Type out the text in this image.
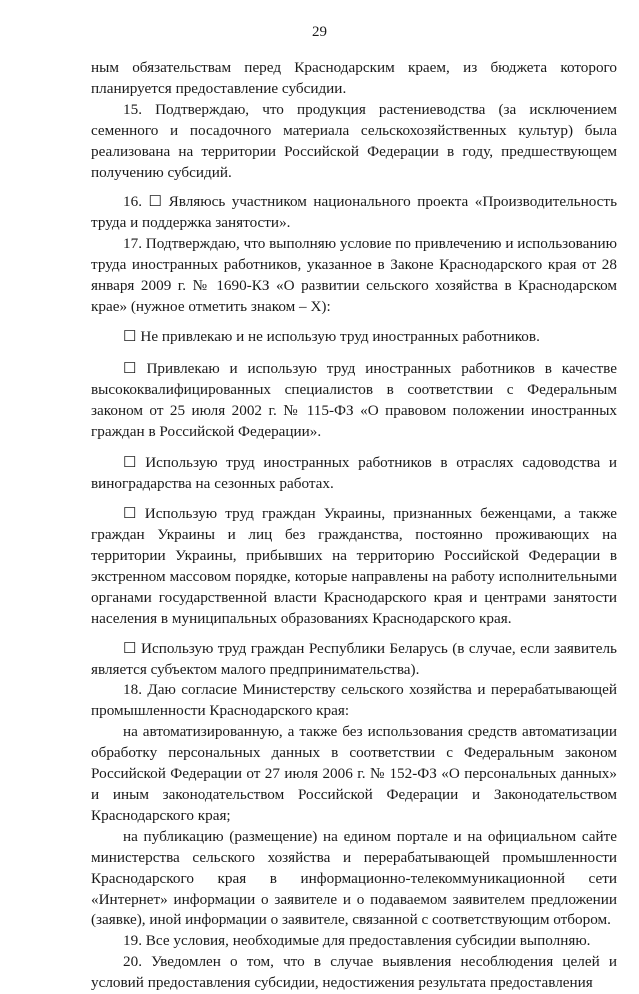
29

ным обязательствам перед Краснодарским краем, из бюджета которого планируется предоставление субсидии.

15. Подтверждаю, что продукция растениеводства (за исключением семенного и посадочного материала сельскохозяйственных культур) была реализована на территории Российской Федерации в году, предшествующем получению субсидий.

16. ☐ Являюсь участником национального проекта «Производительность труда и поддержка занятости».

17. Подтверждаю, что выполняю условие по привлечению и использованию труда иностранных работников, указанное в Законе Краснодарского края от 28 января 2009 г. № 1690-КЗ «О развитии сельского хозяйства в Краснодарском крае» (нужное отметить знаком – X):

☐ Не привлекаю и не использую труд иностранных работников.

☐ Привлекаю и использую труд иностранных работников в качестве высококвалифицированных специалистов в соответствии с Федеральным законом от 25 июля 2002 г. № 115-ФЗ «О правовом положении иностранных граждан в Российской Федерации».

☐ Использую труд иностранных работников в отраслях садоводства и виноградарства на сезонных работах.

☐ Использую труд граждан Украины, признанных беженцами, а также граждан Украины и лиц без гражданства, постоянно проживающих на территории Украины, прибывших на территорию Российской Федерации в экстренном массовом порядке, которые направлены на работу исполнительными органами государственной власти Краснодарского края и центрами занятости населения в муниципальных образованиях Краснодарского края.

☐ Использую труд граждан Республики Беларусь (в случае, если заявитель является субъектом малого предпринимательства).

18. Даю согласие Министерству сельского хозяйства и перерабатывающей промышленности Краснодарского края:

на автоматизированную, а также без использования средств автоматизации обработку персональных данных в соответствии с Федеральным законом Российской Федерации от 27 июля 2006 г. № 152-ФЗ «О персональных данных» и иным законодательством Российской Федерации и Законодательством Краснодарского края;

на публикацию (размещение) на едином портале и на официальном сайте министерства сельского хозяйства и перерабатывающей промышленности Краснодарского края в информационно-телекоммуникационной сети «Интернет» информации о заявителе и о подаваемом заявителем предложении (заявке), иной информации о заявителе, связанной с соответствующим отбором.

19. Все условия, необходимые для предоставления субсидии выполняю.

20. Уведомлен о том, что в случае выявления несоблюдения целей и условий предоставления субсидии, недостижения результата предоставления
